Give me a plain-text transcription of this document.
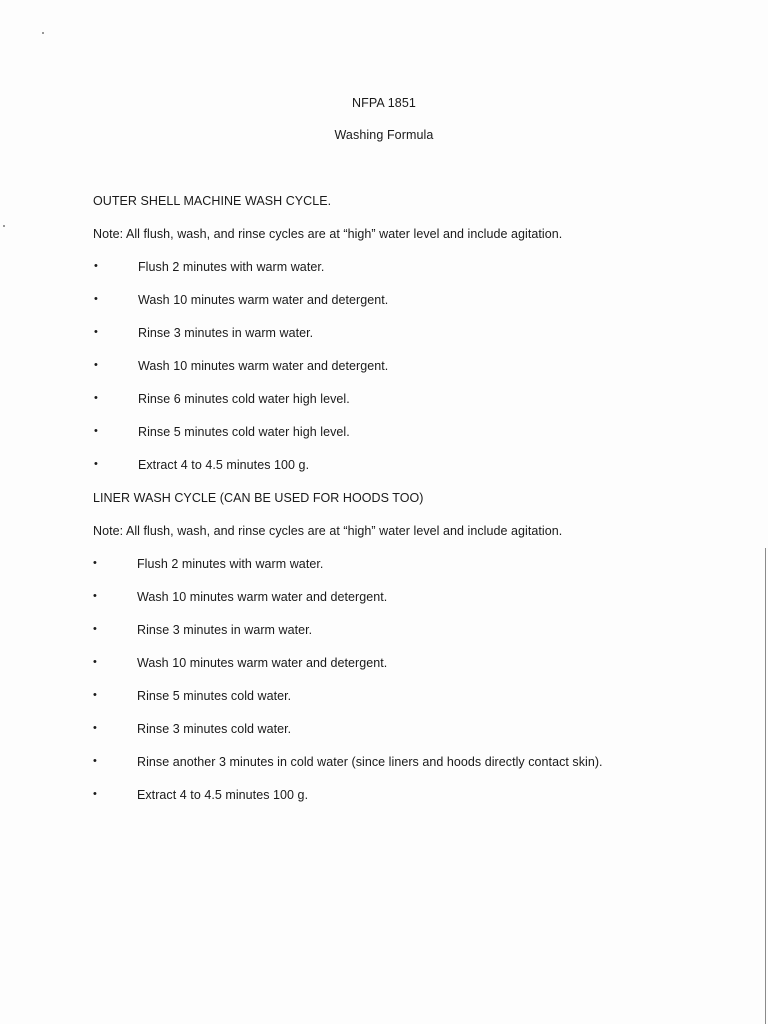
NFPA 1851
Washing Formula
OUTER SHELL MACHINE WASH CYCLE.
Note: All flush, wash, and rinse cycles are at “high” water level and include agitation.
•	Flush 2 minutes with warm water.
•	Wash 10 minutes warm water and detergent.
•	Rinse 3 minutes in warm water.
•	Wash 10 minutes warm water and detergent.
•	Rinse 6 minutes cold water high level.
•	Rinse 5 minutes cold water high level.
•	Extract 4 to 4.5 minutes 100 g.
LINER WASH CYCLE (CAN BE USED FOR HOODS TOO)
Note: All flush, wash, and rinse cycles are at “high” water level and include agitation.
•	Flush 2 minutes with warm water.
•	Wash 10 minutes warm water and detergent.
•	Rinse 3 minutes in warm water.
•	Wash 10 minutes warm water and detergent.
•	Rinse 5 minutes cold water.
•	Rinse 3 minutes cold water.
•	Rinse another 3 minutes in cold water (since liners and hoods directly contact skin).
•	Extract 4 to 4.5 minutes 100 g.
